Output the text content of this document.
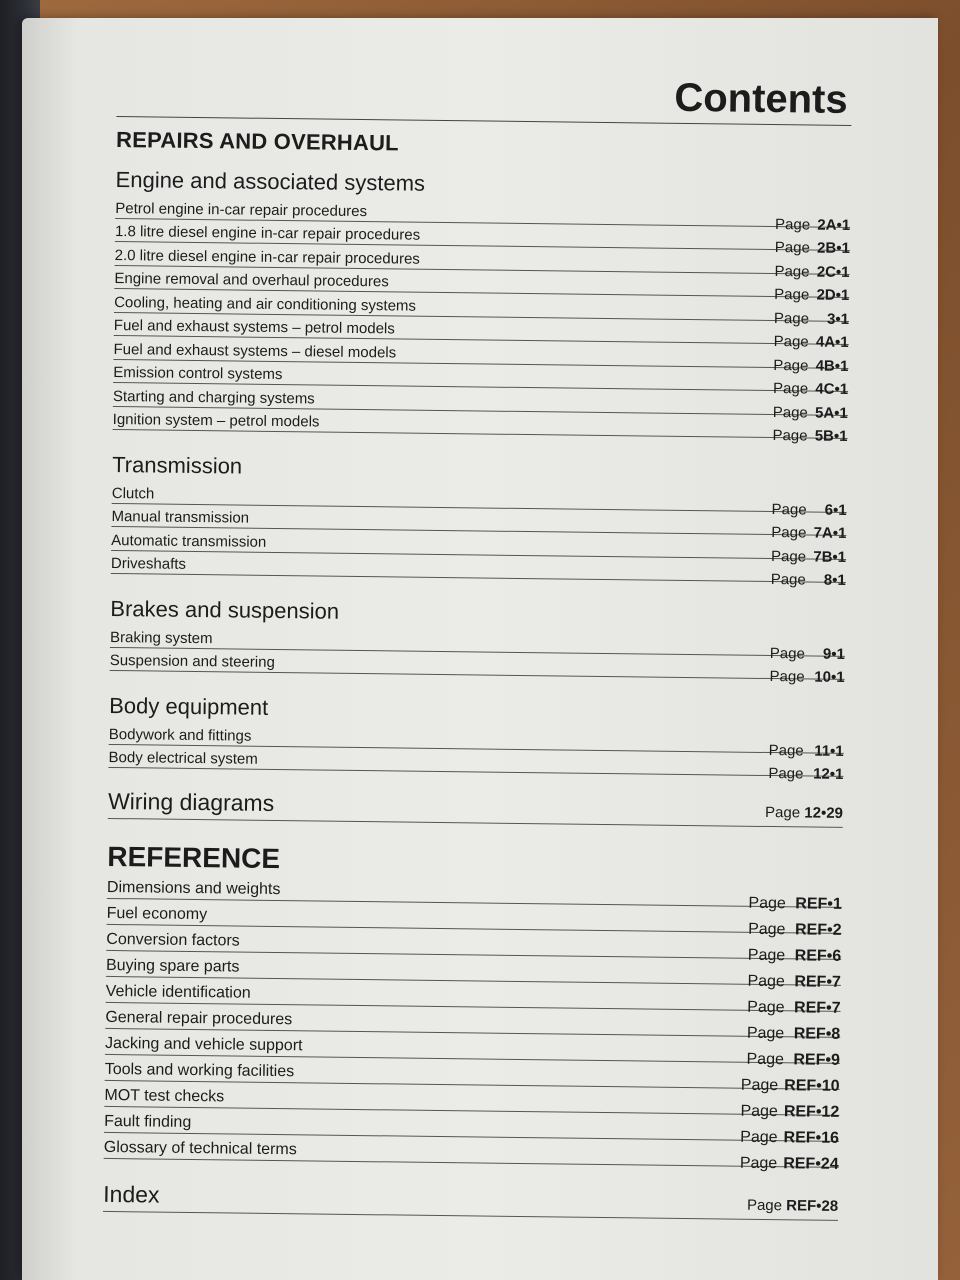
Contents
REPAIRS AND OVERHAUL
Engine and associated systems
Petrol engine in-car repair procedures
Page 2A•1
1.8 litre diesel engine in-car repair procedures
Page 2B•1
2.0 litre diesel engine in-car repair procedures
Page 2C•1
Engine removal and overhaul procedures
Page 2D•1
Cooling, heating and air conditioning systems
Page 3•1
Fuel and exhaust systems – petrol models
Page 4A•1
Fuel and exhaust systems – diesel models
Page 4B•1
Emission control systems
Page 4C•1
Starting and charging systems
Page 5A•1
Ignition system – petrol models
Page 5B•1
Transmission
Clutch
Page 6•1
Manual transmission
Page 7A•1
Automatic transmission
Page 7B•1
Driveshafts
Page 8•1
Brakes and suspension
Braking system
Page 9•1
Suspension and steering
Page 10•1
Body equipment
Bodywork and fittings
Page 11•1
Body electrical system
Page 12•1
Wiring diagrams	Page 12•29
REFERENCE
Dimensions and weights
Page REF•1
Fuel economy
Page REF•2
Conversion factors
Page REF•6
Buying spare parts
Page REF•7
Vehicle identification
Page REF•7
General repair procedures
Page REF•8
Jacking and vehicle support
Page REF•9
Tools and working facilities
Page REF•10
MOT test checks
Page REF•12
Fault finding
Page REF•16
Glossary of technical terms
Page REF•24
Index	Page REF•28
